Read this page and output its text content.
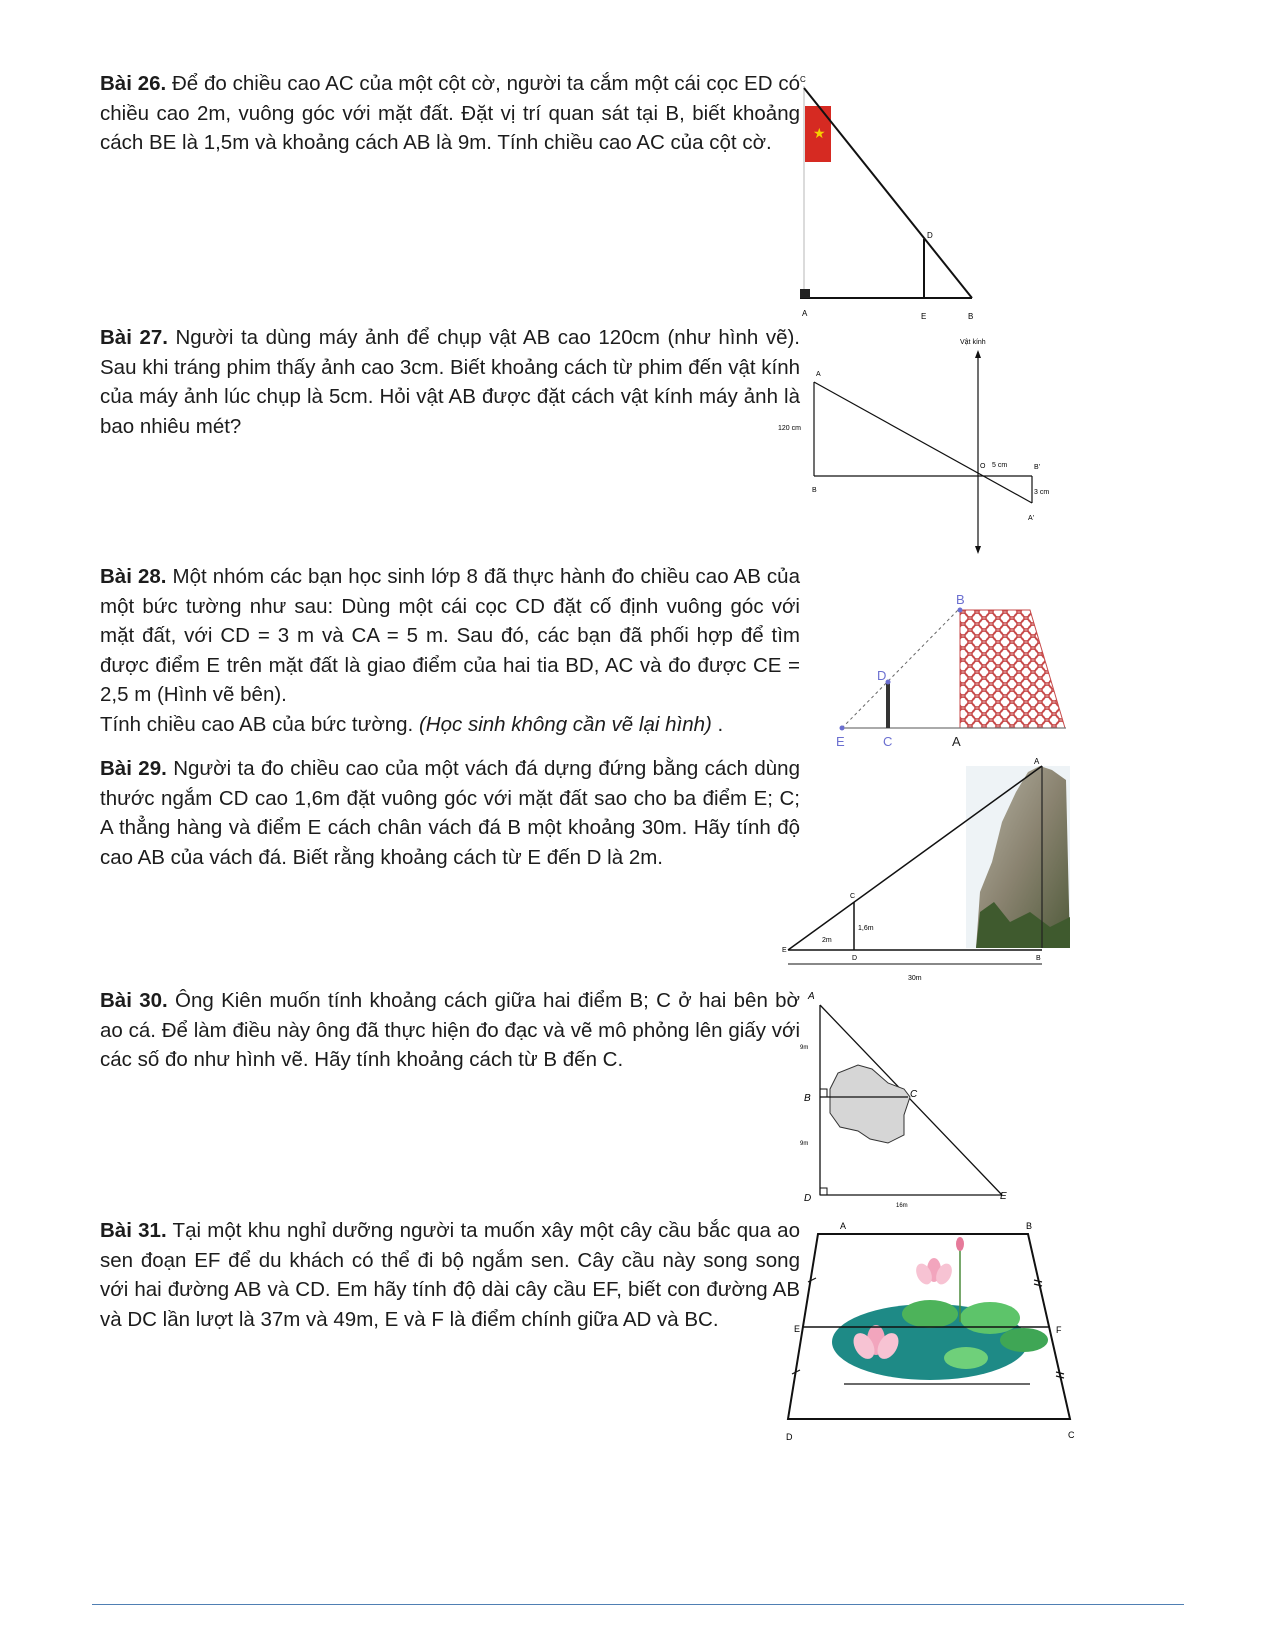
Bài 26. Để đo chiều cao AC của một cột cờ, người ta cắm một cái cọc ED có chiều cao 2m, vuông góc với mặt đất. Đặt vị trí quan sát tại B, biết khoảng cách BE là 1,5m và khoảng cách AB là 9m. Tính chiều cao AC của cột cờ.
Bài 27. Người ta dùng máy ảnh để chụp vật AB cao 120cm (như hình vẽ). Sau khi tráng phim thấy ảnh cao 3cm. Biết khoảng cách từ phim đến vật kính của máy ảnh lúc chụp là 5cm. Hỏi vật AB được đặt cách vật kính máy ảnh là bao nhiêu mét?
Bài 28. Một nhóm các bạn học sinh lớp 8 đã thực hành đo chiều cao AB của một bức tường như sau: Dùng một cái cọc CD đặt cố định vuông góc với mặt đất, với CD = 3 m và CA = 5 m. Sau đó, các bạn đã phối hợp để tìm được điểm E trên mặt đất là giao điểm của hai tia BD, AC và đo được CE = 2,5 m (Hình vẽ bên).
Tính chiều cao AB của bức tường. (Học sinh không cần vẽ lại hình) .
Bài 29. Người ta đo chiều cao của một vách đá dựng đứng bằng cách dùng thước ngắm CD cao 1,6m đặt vuông góc với mặt đất sao cho ba điểm E; C; A thẳng hàng và điểm E cách chân vách đá B một khoảng 30m. Hãy tính độ cao AB của vách đá. Biết rằng khoảng cách từ E đến D là 2m.
Bài 30. Ông Kiên muốn tính khoảng cách giữa hai điểm B; C ở hai bên bờ ao cá. Để làm điều này ông đã thực hiện đo đạc và vẽ mô phỏng lên giấy với các số đo như hình vẽ. Hãy tính khoảng cách từ B đến C.
Bài 31. Tại một khu nghỉ dưỡng người ta muốn xây một cây cầu bắc qua ao sen đoạn EF để du khách có thể đi bộ ngắm sen. Cây cầu này song song với hai đường AB và CD. Em hãy tính độ dài cây cầu EF, biết con đường AB và DC lần lượt là 37m và 49m, E và F là điểm chính giữa AD và BC.
C
★
D
A	E	B
Vật kính
A
B
120 cm
O 5 cm	B'
3 cm
A'
B
D
E	C	A
A
C
1,6m
2m
E
D	B
30m
A
9m
B	C
9m
D
16m
E
A	B
E	F
D	C
